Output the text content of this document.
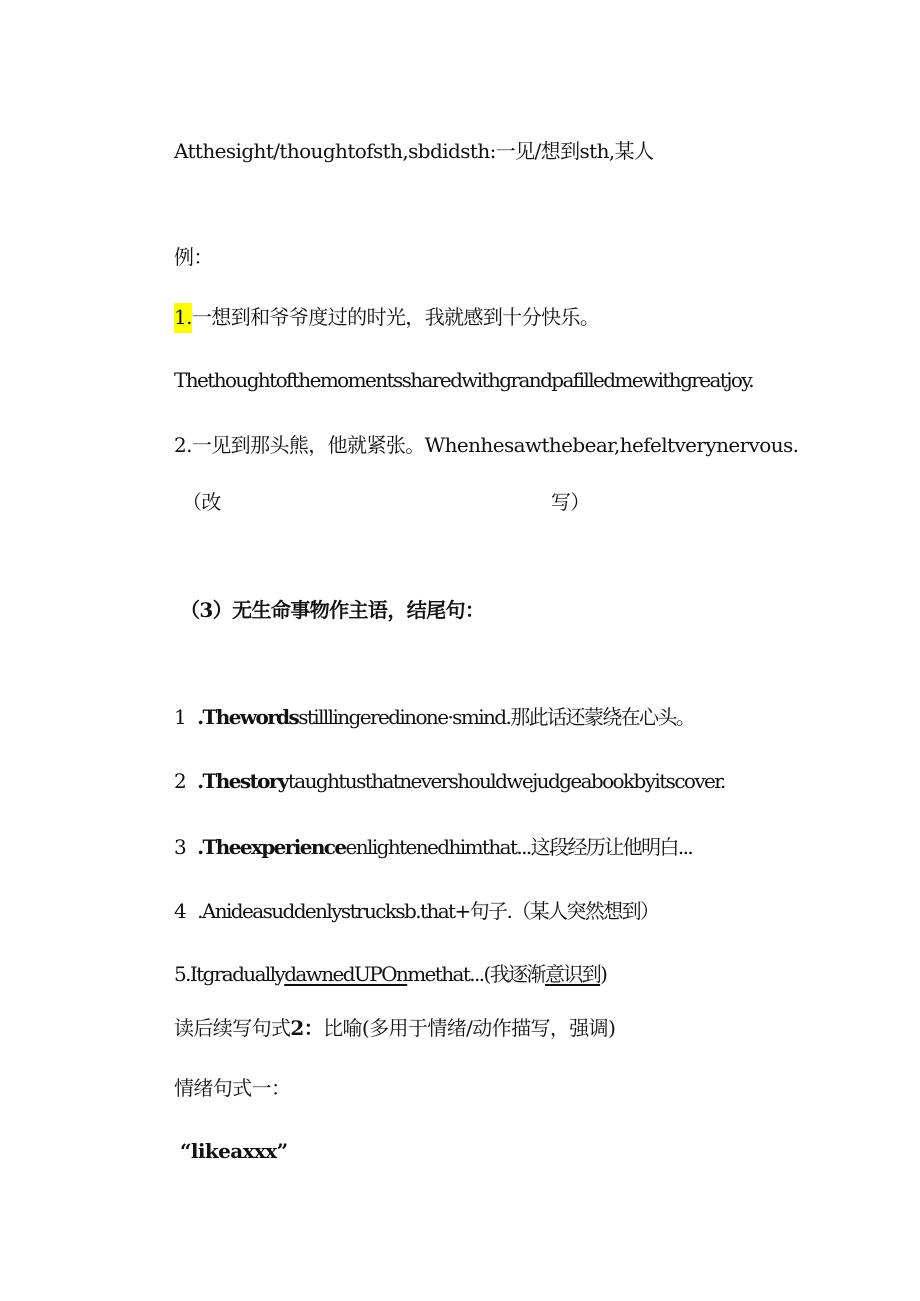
Atthesight/thoughtofsth,sbdidsth:一见/想到sth,某人
例：
1.一想到和爷爷度过的时光，我就感到十分快乐。
Thethoughtofthemomentssharedwithgrandpafilledmewithgreatjoy.
2.一见到那头熊，他就紧张。Whenhesawthebear,hefeltverynervous.
（改	写）
（3）无生命事物作主语，结尾句：
1 .Thewordsstilllingeredinone·smind.那此话还蒙绕在心头。
2 .Thestorytaughtusthatnevershouldwejudgeabookbyitscover.
3 .Theexperienceenlightenedhimthat...这段经历让他明白...
4 .Anideasuddenlystrucksb.that+句子.（某人突然想到）
5.ItgraduallydawnedUPOnmethat...(我逐渐意识到)
读后续写句式2：比喻(多用于情绪/动作描写，强调)
情绪句式一：
“likeaxxx”
